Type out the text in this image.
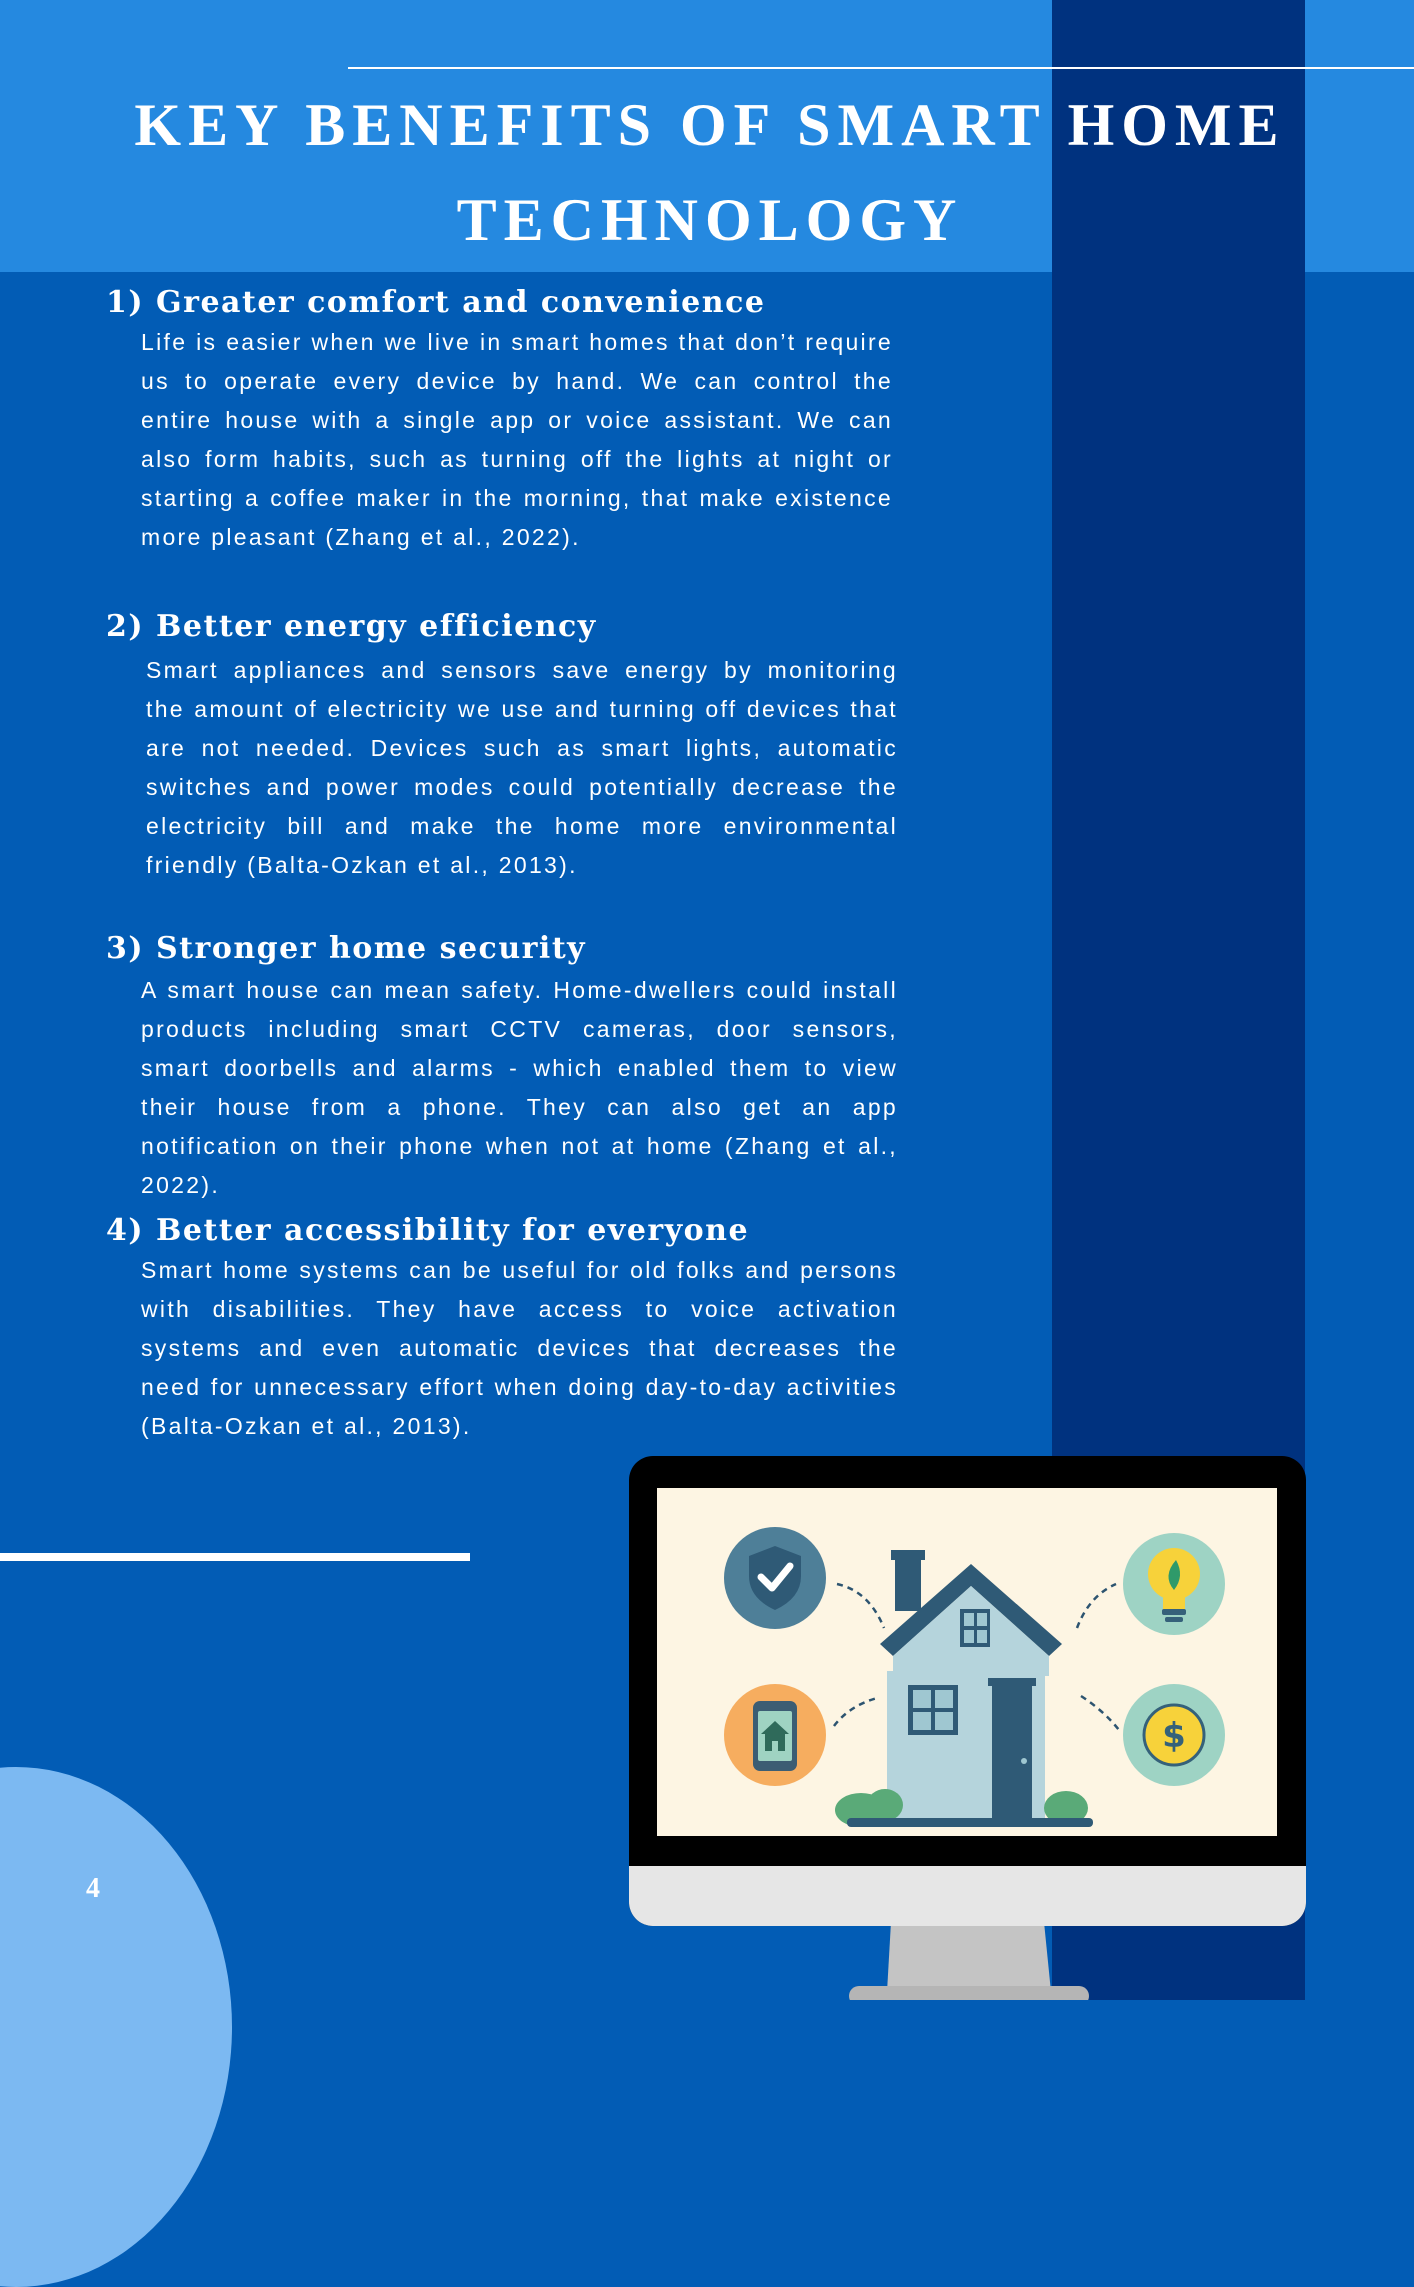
KEY BENEFITS OF SMART HOME TECHNOLOGY
1) Greater comfort and convenience

Life is easier when we live in smart homes that don’t require us to operate every device by hand. We can control the entire house with a single app or voice assistant. We can also form habits, such as turning off the lights at night or starting a coffee maker in the morning, that make existence more pleasant (Zhang et al., 2022).

2) Better energy efficiency

Smart appliances and sensors save energy by monitoring the amount of electricity we use and turning off devices that are not needed. Devices such as smart lights, automatic switches and power modes could potentially decrease the electricity bill and make the home more environmental friendly (Balta-Ozkan et al., 2013).

3) Stronger home security

A smart house can mean safety. Home-dwellers could install products including smart CCTV cameras, door sensors, smart doorbells and alarms - which enabled them to view their house from a phone. They can also get an app notification on their phone when not at home (Zhang et al., 2022).

4) Better accessibility for everyone

Smart home systems can be useful for old folks and persons with disabilities. They have access to voice activation systems and even automatic devices that decreases the need for unnecessary effort when doing day-to-day activities (Balta-Ozkan et al., 2013).

4
$
